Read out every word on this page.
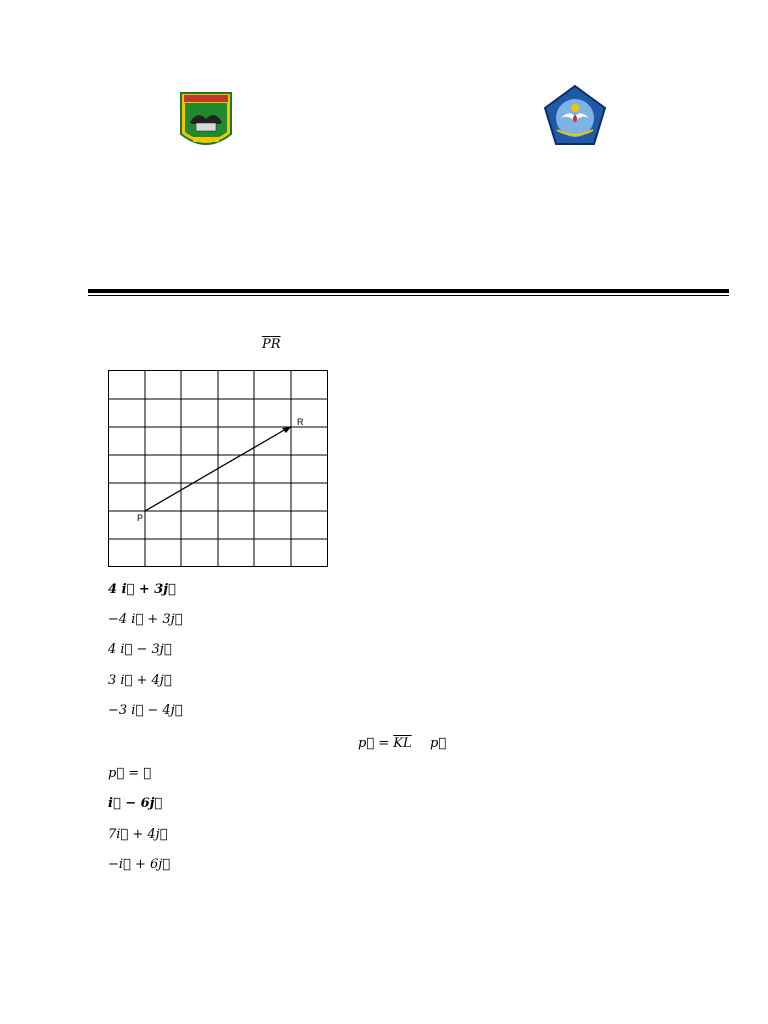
$\overline{PR}$
P
R
4 i⃗ + 3j⃗
−4 i⃗ + 3j⃗
4 i⃗ − 3j⃗
3 i⃗ + 4j⃗
−3 i⃗ − 4j⃗
p⃗ = $\overline{KL}$ p⃗
p⃗ = ⋯
i⃗ − 6j⃗
7i⃗ + 4j⃗
−i⃗ + 6j⃗
